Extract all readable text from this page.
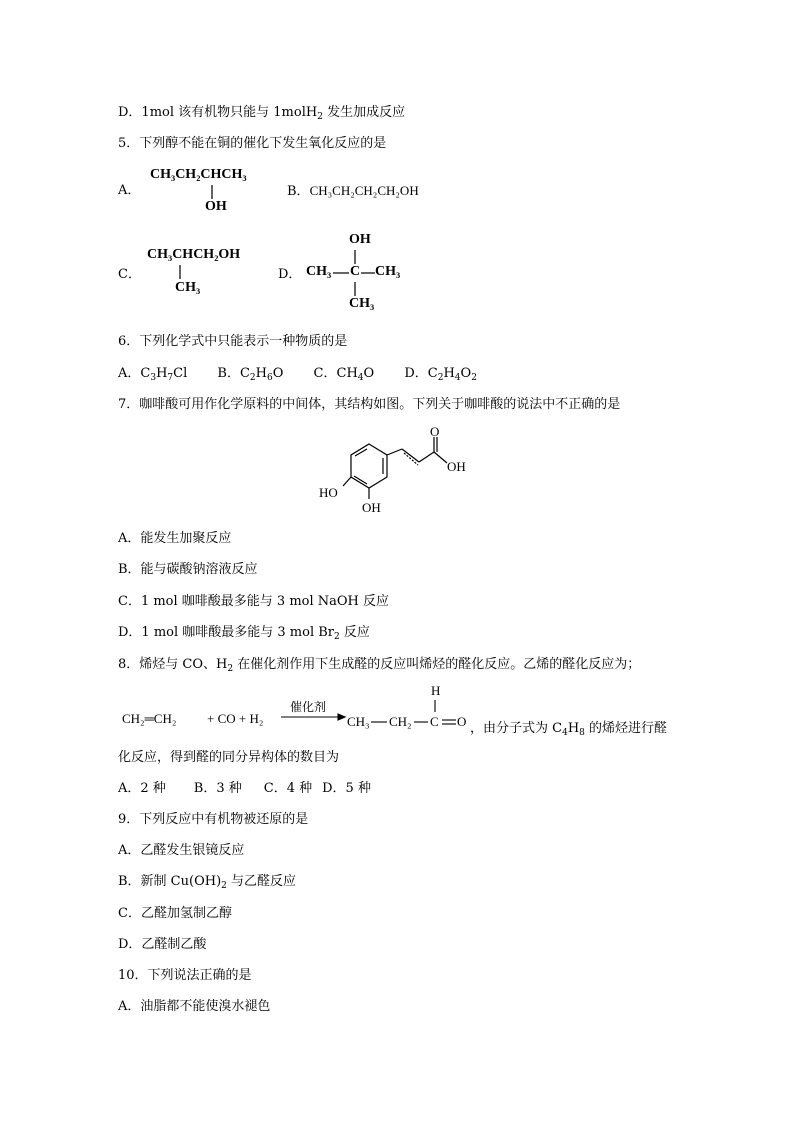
D．1mol 该有机物只能与 1molH$_2$ 发生加成反应
5．下列醇不能在铜的催化下发生氧化反应的是
A．
CH₃CH₂CHCH₃
OH
B．CH₃CH₂CH₂CH₂OH
C．
CH₃CHCH₂OH
CH₃
D．
OH
CH₃ C CH₃
CH₃
6．下列化学式中只能表示一种物质的是
A．$C_3H_7Cl$ B．$C_2H_6O$ C．$CH_4O$ D．$C_2H_4O_2$
7．咖啡酸可用作化学原料的中间体，其结构如图。下列关于咖啡酸的说法中不正确的是
O
OH
HO
OH
A．能发生加聚反应
B．能与碳酸钠溶液反应
C．1 mol 咖啡酸最多能与 3 mol NaOH 反应
D．1 mol 咖啡酸最多能与 3 mol $Br_2$ 反应
8．烯烃与 CO、$H_2$ 在催化剂作用下生成醛的反应叫烯烃的醛化反应。乙烯的醛化反应为；
CH₂═CH₂ + CO + H₂
催化剂
CH₃ CH₂ C O
H
，由分子式为 $C_4H_8$ 的烯烃进行醛
化反应，得到醛的同分异构体的数目为
A．2 种 B．3 种 C．4 种 D．5 种
9．下列反应中有机物被还原的是
A．乙醛发生银镜反应
B．新制 $Cu(OH)_2$ 与乙醛反应
C．乙醛加氢制乙醇
D．乙醛制乙酸
10．下列说法正确的是
A．油脂都不能使溴水褪色
